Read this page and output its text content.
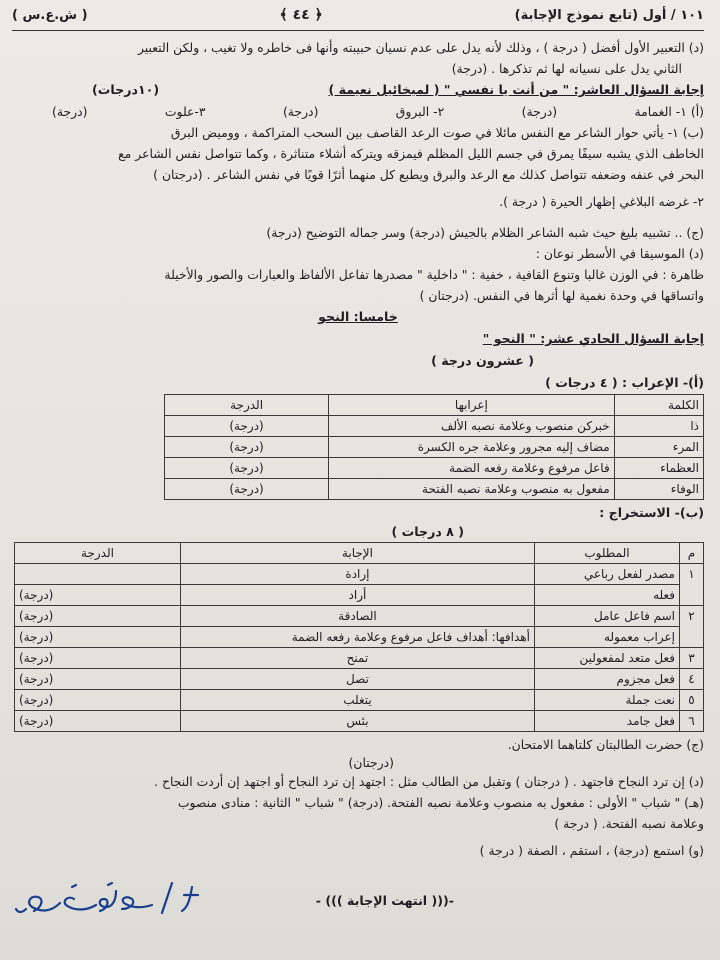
١٠١ / أول (تابع نموذج الإجابة)
﴿ ٤٤ ﴾
( ش.ع.س )

(د) التعبير الأول أفضل ( درجة ) ، وذلك لأنه يدل على عدم نسيان حبيبته وأنها فى خاطره ولا تغيب ، ولكن التعبير

الثاني يدل على نسيانه لها ثم تذكرها . (درجة)

إجابة السؤال العاشر: " من أنت يا نفسي " ( لميخائيل نعيمة )
(١٠درجات)
(أ) ١- الغمامة
(درجة)
٢- البروق
(درجة)
٣-علوت
(درجة)

(ب) ١- يأتي حوار الشاعر مع النفس مائلا في صوت الرعد القاصف بين السحب المتراكمة ، ووميض البرق

الخاطف الذي يشبه سيفًا يمرق في جسم الليل المظلم فيمزقه ويتركه أشلاء متناثرة ، وكما تتواصل نفس الشاعر مع

البحر في عنفه وضعفه تتواصل كذلك مع الرعد والبرق ويطبع كل منهما أثرًا قويًا في نفس الشاعر . (درجتان )

٢- غرضه البلاغي إظهار الحيرة ( درجة ).

(ج) .. تشبيه بليغ حيث شبه الشاعر الظلام بالجيش (درجة) وسر جماله التوضيح (درجة)

(د) الموسيقا في الأسطر نوعان :

ظاهرة : في الوزن غالبا وتنوع القافية ، خفية : " داخلية " مصدرها تفاعل الألفاظ والعبارات والصور والأخيلة

واتساقها في وحدة نغمية لها أثرها في النفس. (درجتان )

خامسا: النحو
إجابة السؤال الحادي عشر: " النحو "
( عشرون درجة )
(أ)- الإعراب : ( ٤ درجات )
الكلمة	إعرابها	الدرجة
ذا	خبركن منصوب وعلامة نصبه الألف	(درجة)
المرء	مضاف إليه مجرور وعلامة جره الكسرة	(درجة)
العظماء	فاعل مرفوع وعلامة رفعه الضمة	(درجة)
الوفاء	مفعول به منصوب وعلامة نصبه الفتحة	(درجة)
(ب)- الاستخراج :
( ٨ درجات )
م	المطلوب	الإجابة	الدرجة
١	مصدر لفعل رباعي	إرادة	
	فعله	أراد	(درجة)
٢	اسم فاعل عامل	الصادقة	(درجة)
	إعراب معموله	أهدافها: أهداف فاعل مرفوع وعلامة رفعه الضمة	(درجة)
٣	فعل متعد لمفعولين	تمنح	(درجة)
٤	فعل مجزوم	تصل	(درجة)
٥	نعت جملة	يتغلب	(درجة)
٦	فعل جامد	بئس	(درجة)

(ج) حضرت الطالبتان كلتاهما الامتحان.

(درجتان)

(د) إن ترد النجاح فاجتهد . ( درجتان ) وتقبل من الطالب مثل : اجتهد إن ترد النجاح أو اجتهد إن أردت النجاح .

(هـ) " شباب " الأولى : مفعول به منصوب وعلامة نصبه الفتحة. (درجة) " شباب " الثانية : منادى منصوب

وعلامة نصبه الفتحة. ( درجة )

(و) استمع (درجة) ، استقم ، الصفة ( درجة )

-((( انتهت الإجابة ))) -
